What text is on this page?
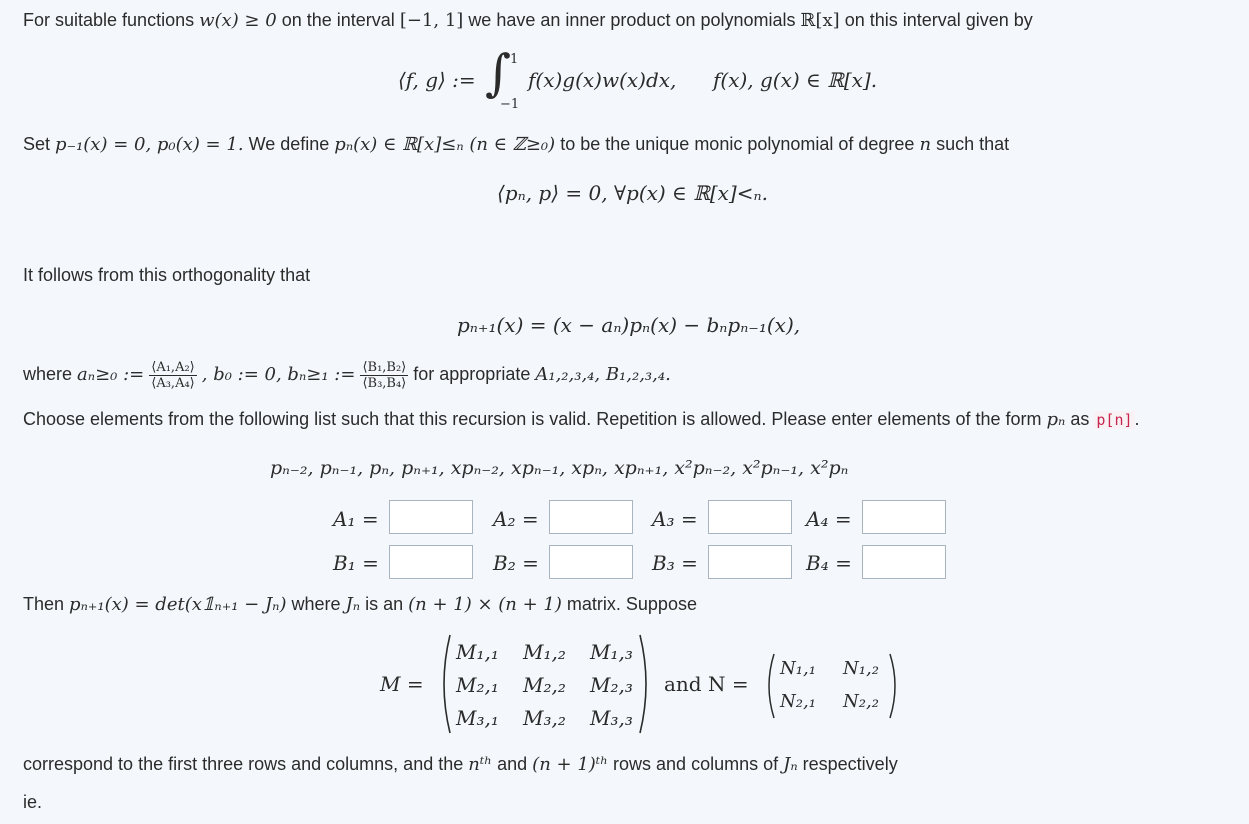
For suitable functions w(x) ≥ 0 on the interval [−1, 1] we have an inner product on polynomials ℝ[x] on this interval given by
⟨f, g⟩ := ∫
1
−1
f(x)g(x)w(x)dx, f(x), g(x) ∈ ℝ[x].
Set p₋₁(x) = 0, p₀(x) = 1. We define pₙ(x) ∈ ℝ[x]≤ₙ (n ∈ ℤ≥₀) to be the unique monic polynomial of degree n such that
⟨pₙ, p⟩ = 0, ∀p(x) ∈ ℝ[x]<ₙ.
It follows from this orthogonality that
pₙ₊₁(x) = (x − aₙ)pₙ(x) − bₙpₙ₋₁(x),
where aₙ≥₀ := $\frac{\text{⟨A₁,A₂⟩}}{\text{⟨A₃,A₄⟩}}$ , b₀ := 0, bₙ≥₁ := $\frac{\text{⟨B₁,B₂⟩}}{\text{⟨B₃,B₄⟩}}$ for appropriate A₁,₂,₃,₄, B₁,₂,₃,₄.
Choose elements from the following list such that this recursion is valid. Repetition is allowed. Please enter elements of the form pₙ as p[n] .
pₙ₋₂, pₙ₋₁, pₙ, pₙ₊₁, xpₙ₋₂, xpₙ₋₁, xpₙ, xpₙ₊₁, x²pₙ₋₂, x²pₙ₋₁, x²pₙ
A₁ =	A₂ =	A₃ =	A₄ =
B₁ =	B₂ =	B₃ =	B₄ =
Then pₙ₊₁(x) = det(x𝟙ₙ₊₁ − Jₙ) where Jₙ is an (n + 1) × (n + 1) matrix. Suppose
M =
M₁,₁ M₁,₂ M₁,₃
M₂,₁ M₂,₂ M₂,₃
M₃,₁ M₃,₂ M₃,₃
and N =
N₁,₁ N₁,₂
N₂,₁ N₂,₂
correspond to the first three rows and columns, and the nᵗʰ and (n + 1)ᵗʰ rows and columns of Jₙ respectively
ie.
